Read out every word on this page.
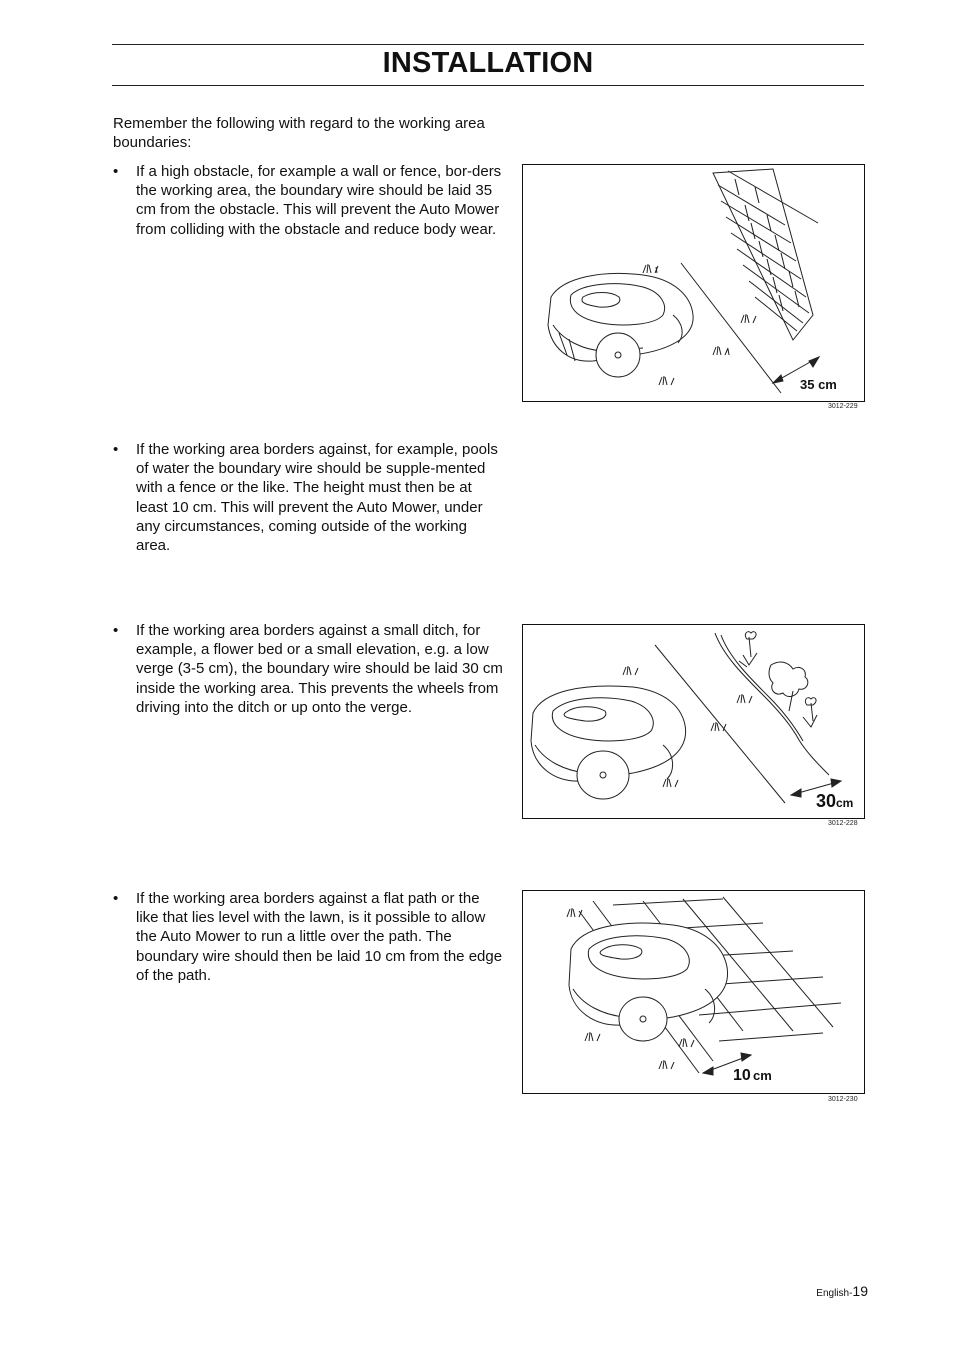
INSTALLATION
Remember the following with regard to the working area boundaries:
•	If a high obstacle, for example a wall or fence, bor-ders the working area, the boundary wire should be laid 35 cm from the obstacle. This will prevent the Auto Mower from colliding with the obstacle and reduce body wear.
•	If the working area borders against, for example, pools of water the boundary wire should be supple-mented with a fence or the like. The height must then be at least 10 cm. This will prevent the Auto Mower, under any circumstances, coming outside of the working area.
•	If the working area borders against a small ditch, for example, a flower bed or a small elevation, e.g. a low verge (3-5 cm), the boundary wire should be laid 30 cm inside the working area. This prevents the wheels from driving into the ditch or up onto the verge.
•	If the working area borders against a flat path or the like that lies level with the lawn, is it possible to allow the Auto Mower to run a little over the path. The boundary wire should then be laid 10 cm from the edge of the path.
35 cm
3012-229
30 cm
3012-228
10 cm
3012-230
English-19
